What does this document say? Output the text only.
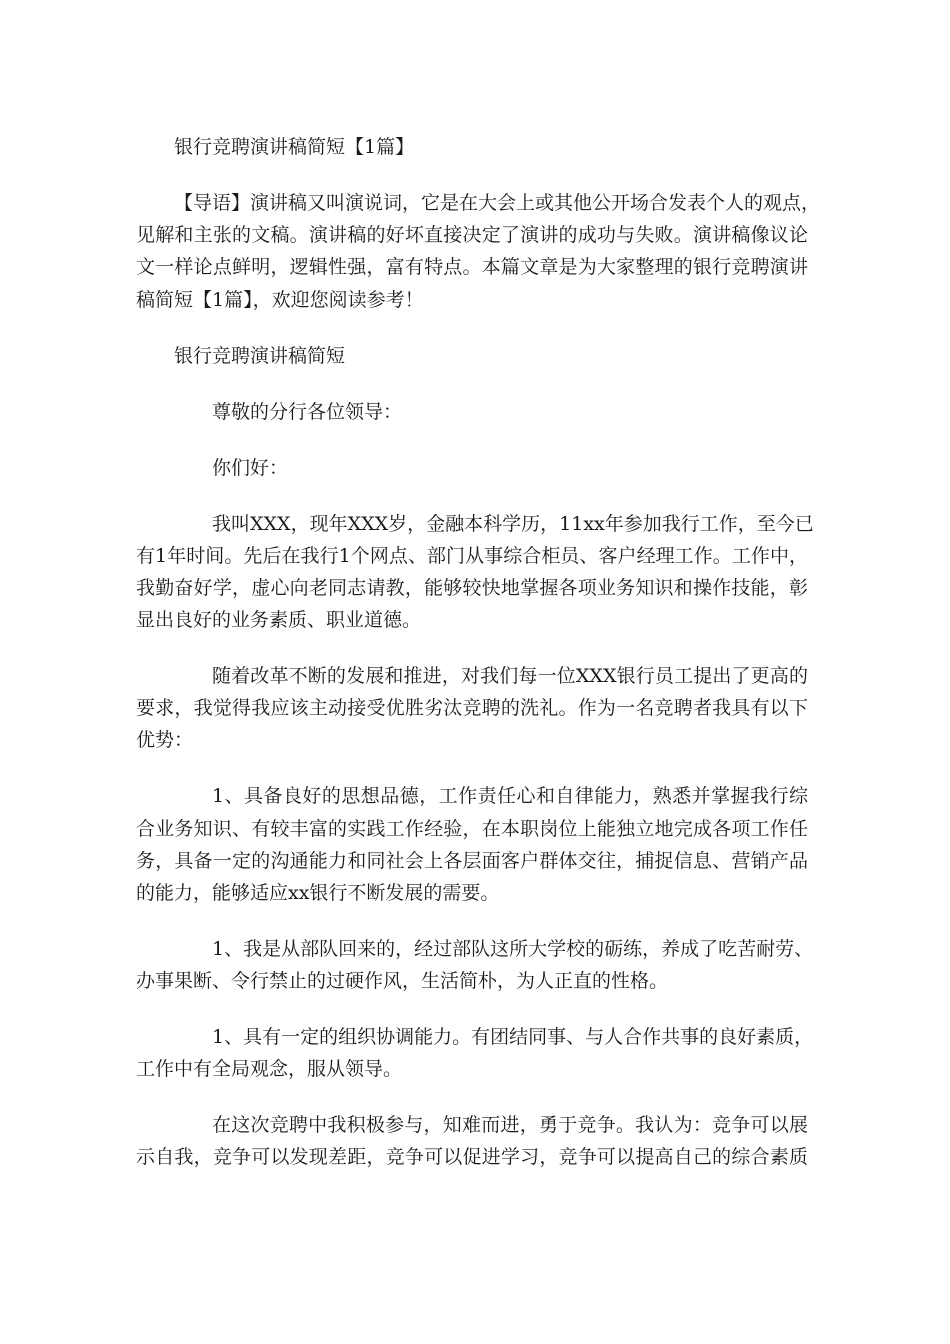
银行竞聘演讲稿简短【1篇】

【导语】演讲稿又叫演说词，它是在大会上或其他公开场合发表个人的观点，

见解和主张的文稿。演讲稿的好坏直接决定了演讲的成功与失败。演讲稿像议论

文一样论点鲜明，逻辑性强，富有特点。本篇文章是为大家整理的银行竞聘演讲

稿简短【1篇】，欢迎您阅读参考！

银行竞聘演讲稿简短

尊敬的分行各位领导：

你们好：

我叫XXX，现年XXX岁，金融本科学历，11xx年参加我行工作，至今已

有1年时间。先后在我行1个网点、部门从事综合柜员、客户经理工作。工作中，

我勤奋好学，虚心向老同志请教，能够较快地掌握各项业务知识和操作技能，彰

显出良好的业务素质、职业道德。

随着改革不断的发展和推进，对我们每一位XXX银行员工提出了更高的

要求，我觉得我应该主动接受优胜劣汰竞聘的洗礼。作为一名竞聘者我具有以下

优势：

1、具备良好的思想品德，工作责任心和自律能力，熟悉并掌握我行综

合业务知识、有较丰富的实践工作经验，在本职岗位上能独立地完成各项工作任

务，具备一定的沟通能力和同社会上各层面客户群体交往，捕捉信息、营销产品

的能力，能够适应xx银行不断发展的需要。

1、我是从部队回来的，经过部队这所大学校的砺练，养成了吃苦耐劳、

办事果断、令行禁止的过硬作风，生活简朴，为人正直的性格。

1、具有一定的组织协调能力。有团结同事、与人合作共事的良好素质，

工作中有全局观念，服从领导。

在这次竞聘中我积极参与，知难而进，勇于竞争。我认为：竞争可以展

示自我，竞争可以发现差距，竞争可以促进学习，竞争可以提高自己的综合素质
